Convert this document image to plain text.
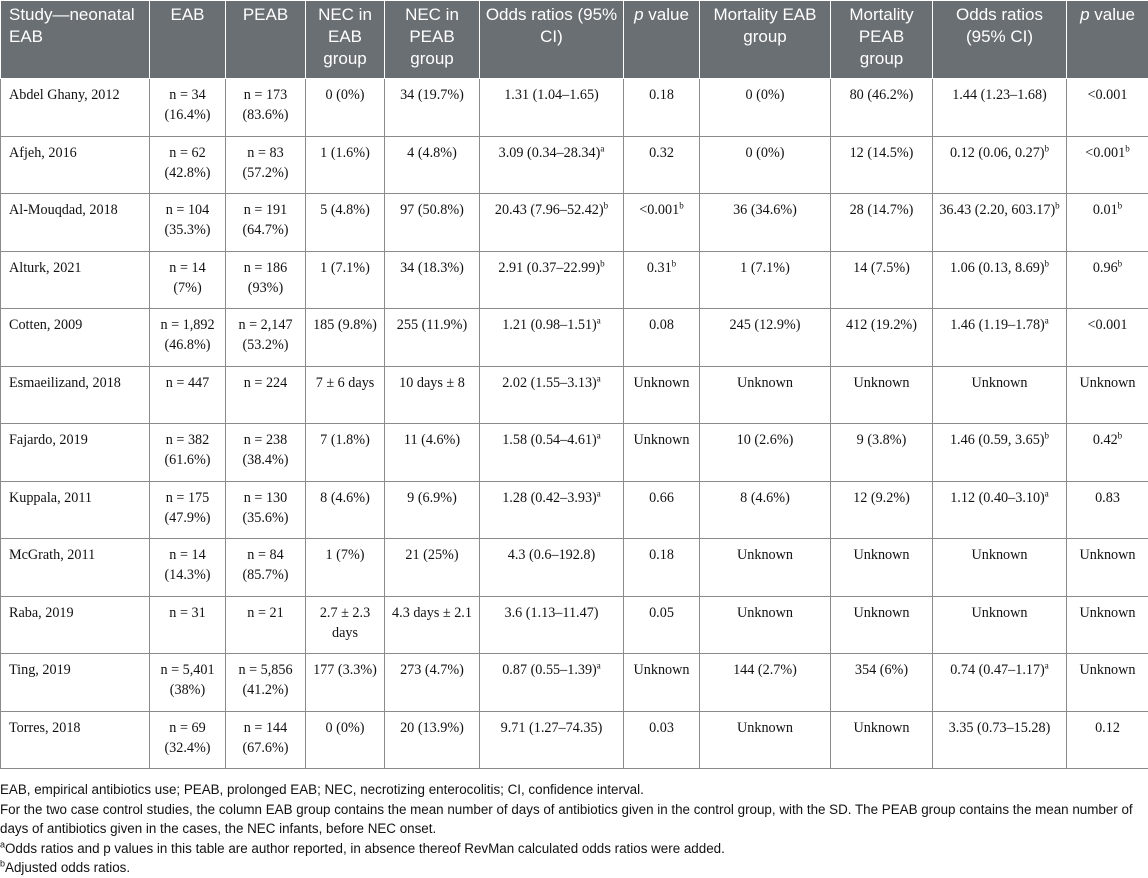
Study—neonatal EAB	EAB	PEAB	NEC in EAB group	NEC in PEAB group	Odds ratios (95% CI)	p value	Mortality EAB group	Mortality PEAB group	Odds ratios (95% CI)	p value
Abdel Ghany, 2012	n = 34 (16.4%)	n = 173 (83.6%)	0 (0%)	34 (19.7%)	1.31 (1.04–1.65)	0.18	0 (0%)	80 (46.2%)	1.44 (1.23–1.68)	<0.001
Afjeh, 2016	n = 62 (42.8%)	n = 83 (57.2%)	1 (1.6%)	4 (4.8%)	3.09 $(0.34-28.34)^a$	0.32	0 (0%)	12 (14.5%)	0.12 (0.06, 0.27)$^b$	<0.001$^b$
Al-Mouqdad, 2018	n = 104 (35.3%)	n = 191 (64.7%)	5 (4.8%)	97 (50.8%)	20.43 $(7.96-52.42)^b$	<0.001$^b$	36 (34.6%)	28 (14.7%)	36.43 (2.20, 603.17)$^b$	0.01$^b$
Alturk, 2021	n = 14 (7%)	n = 186 (93%)	1 (7.1%)	34 (18.3%)	2.91 $(0.37-22.99)^b$	0.31$^b$	1 (7.1%)	14 (7.5%)	1.06 (0.13, 8.69)$^b$	0.96$^b$
Cotten, 2009	n = 1,892 (46.8%)	n = 2,147 (53.2%)	185 (9.8%)	255 (11.9%)	1.21 $(0.98-1.51)^a$	0.08	245 (12.9%)	412 (19.2%)	1.46 $(1.19-1.78)^a$	<0.001
Esmaeilizand, 2018	n = 447	n = 224	7 ± 6 days	10 days ± 8	2.02 $(1.55-3.13)^a$	Unknown	Unknown	Unknown	Unknown	Unknown
Fajardo, 2019	n = 382 (61.6%)	n = 238 (38.4%)	7 (1.8%)	11 (4.6%)	1.58 $(0.54-4.61)^a$	Unknown	10 (2.6%)	9 (3.8%)	1.46 (0.59, 3.65)$^b$	0.42$^b$
Kuppala, 2011	n = 175 (47.9%)	n = 130 (35.6%)	8 (4.6%)	9 (6.9%)	1.28 $(0.42-3.93)^a$	0.66	8 (4.6%)	12 (9.2%)	1.12 $(0.40-3.10)^a$	0.83
McGrath, 2011	n = 14 (14.3%)	n = 84 (85.7%)	1 (7%)	21 (25%)	4.3 (0.6–192.8)	0.18	Unknown	Unknown	Unknown	Unknown
Raba, 2019	n = 31	n = 21	2.7 ± 2.3 days	4.3 days ± 2.1	3.6 (1.13–11.47)	0.05	Unknown	Unknown	Unknown	Unknown
Ting, 2019	n = 5,401 (38%)	n = 5,856 (41.2%)	177 (3.3%)	273 (4.7%)	0.87 $(0.55-1.39)^a$	Unknown	144 (2.7%)	354 (6%)	0.74 $(0.47-1.17)^a$	Unknown
Torres, 2018	n = 69 (32.4%)	n = 144 (67.6%)	0 (0%)	20 (13.9%)	9.71 (1.27–74.35)	0.03	Unknown	Unknown	3.35 (0.73–15.28)	0.12

EAB, empirical antibiotics use; PEAB, prolonged EAB; NEC, necrotizing enterocolitis; CI, confidence interval.

For the two case control studies, the column EAB group contains the mean number of days of antibiotics given in the control group, with the SD. The PEAB group contains the mean number of days of antibiotics given in the cases, the NEC infants, before NEC onset.

$^a$Odds ratios and p values in this table are author reported, in absence thereof RevMan calculated odds ratios were added.

$^b$Adjusted odds ratios.
